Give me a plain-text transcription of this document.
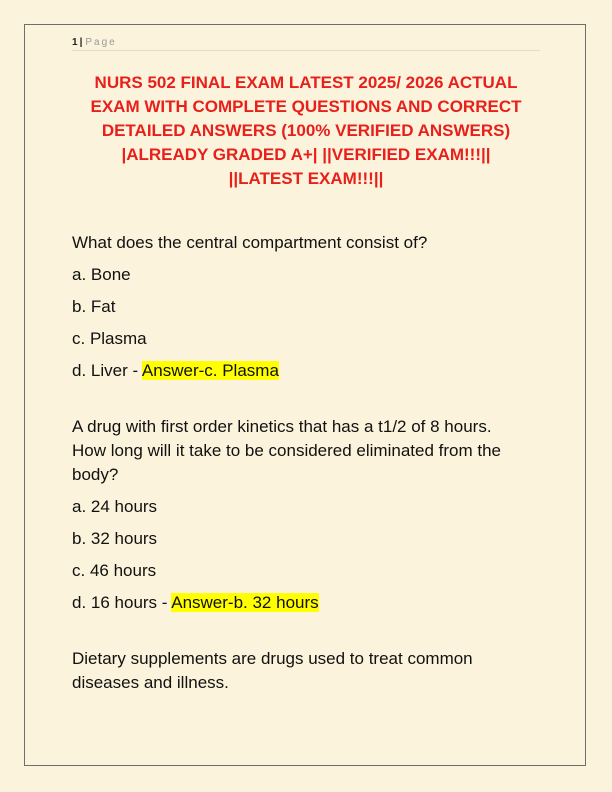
1 | Page
NURS 502 FINAL EXAM LATEST 2025/ 2026 ACTUAL
EXAM WITH COMPLETE QUESTIONS AND CORRECT
DETAILED ANSWERS (100% VERIFIED ANSWERS)
|ALREADY GRADED A+| ||VERIFIED EXAM!!!||
||LATEST EXAM!!!||

What does the central compartment consist of?

a. Bone

b. Fat

c. Plasma

d. Liver - Answer-c. Plasma

A drug with first order kinetics that has a t1/2 of 8 hours.

How long will it take to be considered eliminated from the

body?

a. 24 hours

b. 32 hours

c. 46 hours

d. 16 hours - Answer-b. 32 hours

Dietary supplements are drugs used to treat common

diseases and illness.
